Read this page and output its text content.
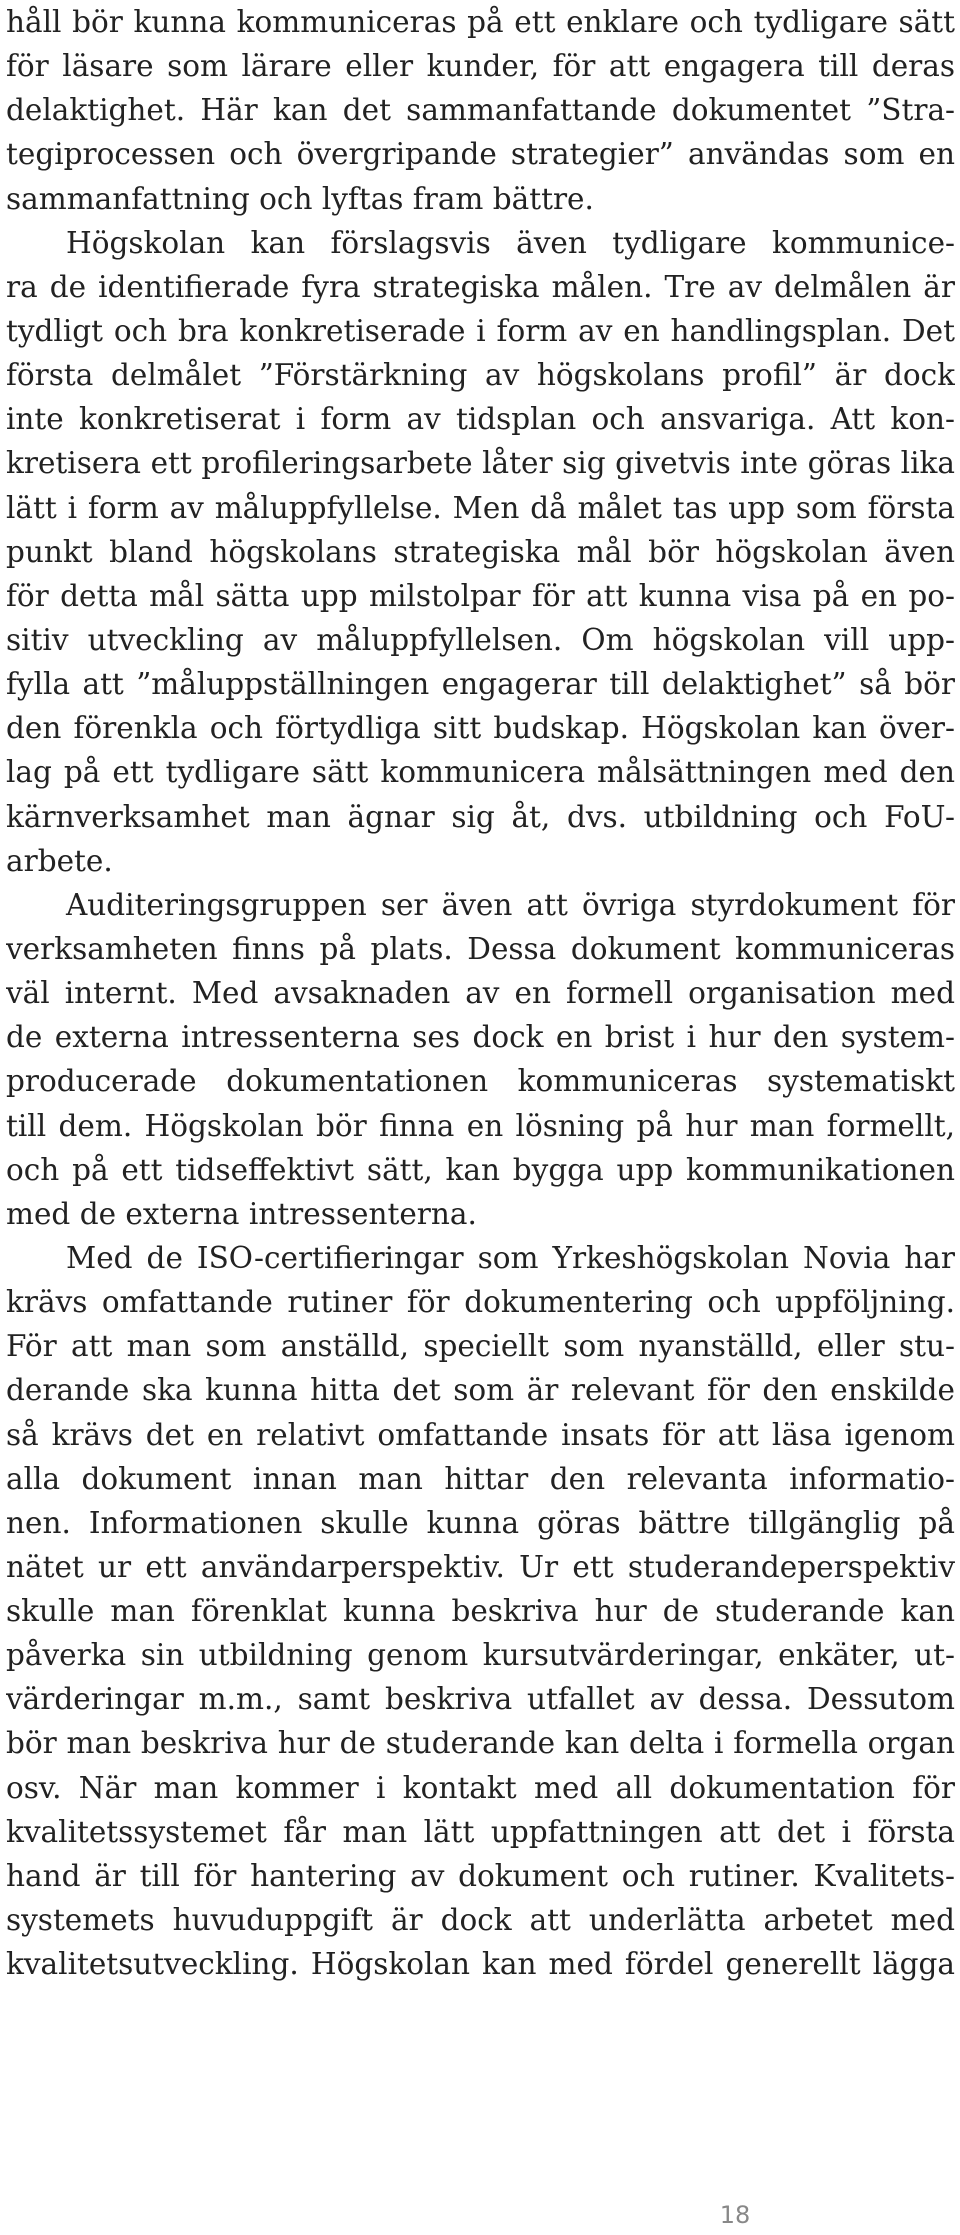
håll bör kunna kommuniceras på ett enklare och tydligare sätt
för läsare som lärare eller kunder, för att engagera till deras
delaktighet. Här kan det sammanfattande dokumentet ”Stra-
tegiprocessen och övergripande strategier” användas som en
sammanfattning och lyftas fram bättre.
Högskolan kan förslagsvis även tydligare kommunice-
ra de identifierade fyra strategiska målen. Tre av delmålen är
tydligt och bra konkretiserade i form av en handlingsplan. Det
första delmålet ”Förstärkning av högskolans profil” är dock
inte konkretiserat i form av tidsplan och ansvariga. Att kon-
kretisera ett profileringsarbete låter sig givetvis inte göras lika
lätt i form av måluppfyllelse. Men då målet tas upp som första
punkt bland högskolans strategiska mål bör högskolan även
för detta mål sätta upp milstolpar för att kunna visa på en po-
sitiv utveckling av måluppfyllelsen. Om högskolan vill upp-
fylla att ”måluppställningen engagerar till delaktighet” så bör
den förenkla och förtydliga sitt budskap. Högskolan kan över-
lag på ett tydligare sätt kommunicera målsättningen med den
kärnverksamhet man ägnar sig åt, dvs. utbildning och FoU-
arbete.
Auditeringsgruppen ser även att övriga styrdokument för
verksamheten finns på plats. Dessa dokument kommuniceras
väl internt. Med avsaknaden av en formell organisation med
de externa intressenterna ses dock en brist i hur den system-
producerade dokumentationen kommuniceras systematiskt
till dem. Högskolan bör finna en lösning på hur man formellt,
och på ett tidseffektivt sätt, kan bygga upp kommunikationen
med de externa intressenterna.
Med de ISO-certifieringar som Yrkeshögskolan Novia har
krävs omfattande rutiner för dokumentering och uppföljning.
För att man som anställd, speciellt som nyanställd, eller stu-
derande ska kunna hitta det som är relevant för den enskilde
så krävs det en relativt omfattande insats för att läsa igenom
alla dokument innan man hittar den relevanta informatio-
nen. Informationen skulle kunna göras bättre tillgänglig på
nätet ur ett användarperspektiv. Ur ett studerandeperspektiv
skulle man förenklat kunna beskriva hur de studerande kan
påverka sin utbildning genom kursutvärderingar, enkäter, ut-
värderingar m.m., samt beskriva utfallet av dessa. Dessutom
bör man beskriva hur de studerande kan delta i formella organ
osv. När man kommer i kontakt med all dokumentation för
kvalitetssystemet får man lätt uppfattningen att det i första
hand är till för hantering av dokument och rutiner. Kvalitets-
systemets huvuduppgift är dock att underlätta arbetet med
kvalitetsutveckling. Högskolan kan med fördel generellt lägga
18
